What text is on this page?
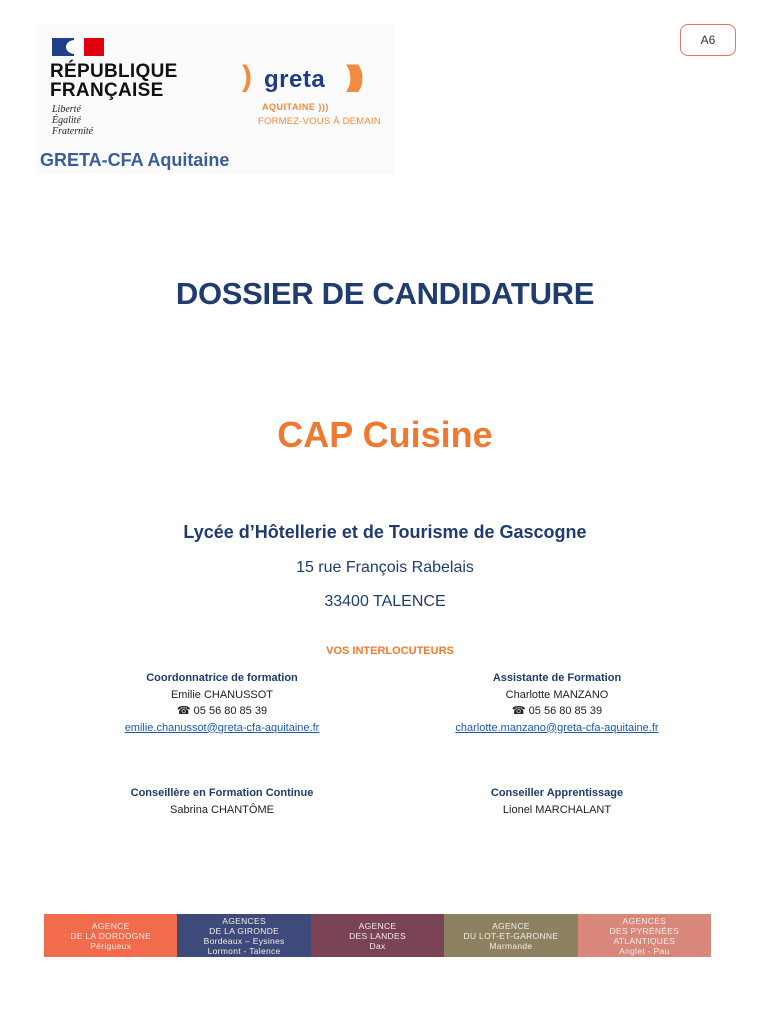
A6
RÉPUBLIQUE
FRANÇAISE
Liberté
Égalité
Fraternité
) greta )))
AQUITAINE )))
FORMEZ-VOUS À DEMAIN
GRETA-CFA Aquitaine
DOSSIER DE CANDIDATURE
CAP Cuisine
Lycée d’Hôtellerie et de Tourisme de Gascogne
15 rue François Rabelais
33400 TALENCE
VOS INTERLOCUTEURS
Coordonnatrice de formation
Emilie CHANUSSOT
☎ 05 56 80 85 39
emilie.chanussot@greta-cfa-aquitaine.fr
Assistante de Formation
Charlotte MANZANO
☎ 05 56 80 85 39
charlotte.manzano@greta-cfa-aquitaine.fr
Conseillère en Formation Continue
Sabrina CHANTÔME
Conseiller Apprentissage
Lionel MARCHALANT
AGENCE
DE LA DORDOGNE
Périgueux
AGENCES
DE LA GIRONDE
Bordeaux – Eysines
Lormont - Talence
AGENCE
DES LANDES
Dax
AGENCE
DU LOT-ET-GARONNE
Marmande
AGENCES
DES PYRÉNÉES
ATLANTIQUES
Anglet - Pau
